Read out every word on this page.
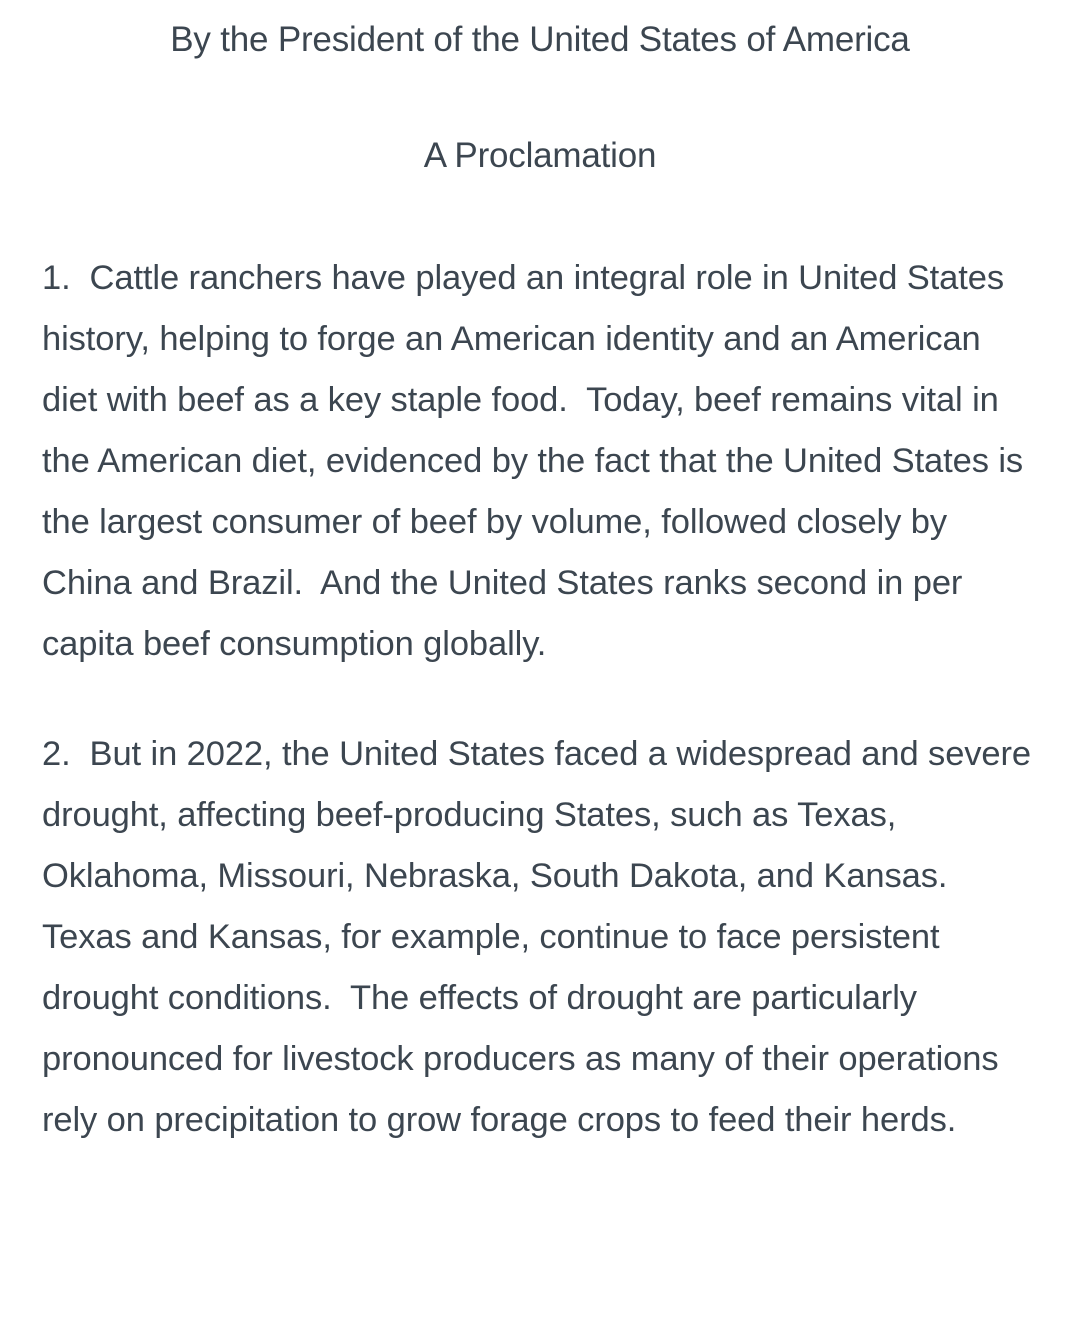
By the President of the United States of America
A Proclamation

1.  Cattle ranchers have played an integral role in United States history, helping to forge an American identity and an American diet with beef as a key staple food.  Today, beef remains vital in the American diet, evidenced by the fact that the United States is the largest consumer of beef by volume, followed closely by China and Brazil.  And the United States ranks second in per capita beef consumption globally.

2.  But in 2022, the United States faced a widespread and severe drought, affecting beef-producing States, such as Texas, Oklahoma, Missouri, Nebraska, South Dakota, and Kansas.  Texas and Kansas, for example, continue to face persistent drought conditions.  The effects of drought are particularly pronounced for livestock producers as many of their operations rely on precipitation to grow forage crops to feed their herds.
